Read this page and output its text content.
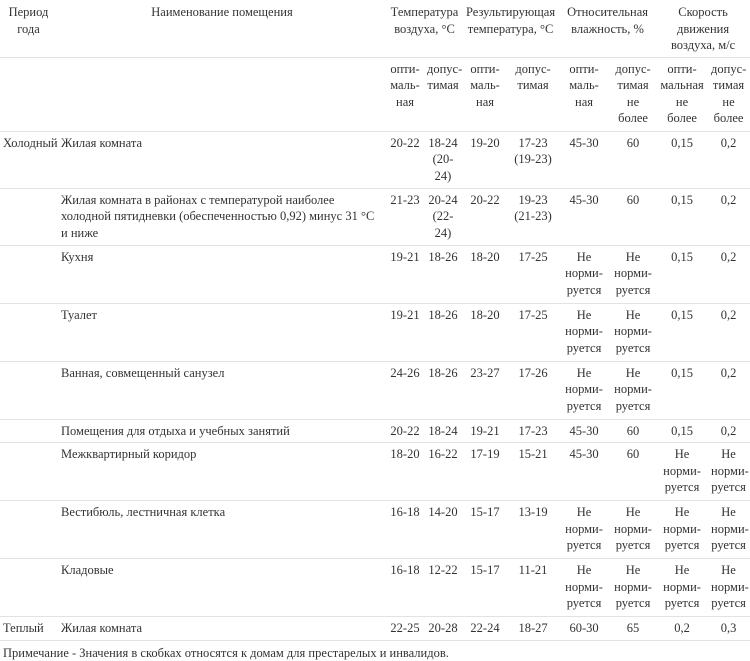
Период года	Наименование помещения	Температура воздуха, °С		Результирующая температура, °С		Относительная влажность, %		Скорость движения воздуха, м/с	
		опти-маль-ная	допус-тимая	опти-маль-ная	допус-тимая	опти-маль-ная	допус-тимая не более	опти-мальная не более	допус-тимая не более
Холодный	Жилая комната	20-22	18-24 (20-24)	19-20	17-23 (19-23)	45-30	60	0,15	0,2
	Жилая комната в районах с температурой наиболее холодной пятидневки (обеспеченностью 0,92) минус 31 °С и ниже	21-23	20-24 (22-24)	20-22	19-23 (21-23)	45-30	60	0,15	0,2
	Кухня	19-21	18-26	18-20	17-25	Не норми-руется	Не норми-руется	0,15	0,2
	Туалет	19-21	18-26	18-20	17-25	Не норми-руется	Не норми-руется	0,15	0,2
	Ванная, совмещенный санузел	24-26	18-26	23-27	17-26	Не норми-руется	Не норми-руется	0,15	0,2
	Помещения для отдыха и учебных занятий	20-22	18-24	19-21	17-23	45-30	60	0,15	0,2
	Межквартирный коридор	18-20	16-22	17-19	15-21	45-30	60	Не норми-руется	Не норми-руется
	Вестибюль, лестничная клетка	16-18	14-20	15-17	13-19	Не норми-руется	Не норми-руется	Не норми-руется	Не норми-руется
	Кладовые	16-18	12-22	15-17	11-21	Не норми-руется	Не норми-руется	Не норми-руется	Не норми-руется
Теплый	Жилая комната	22-25	20-28	22-24	18-27	60-30	65	0,2	0,3
Примечание - Значения в скобках относятся к домам для престарелых и инвалидов.
